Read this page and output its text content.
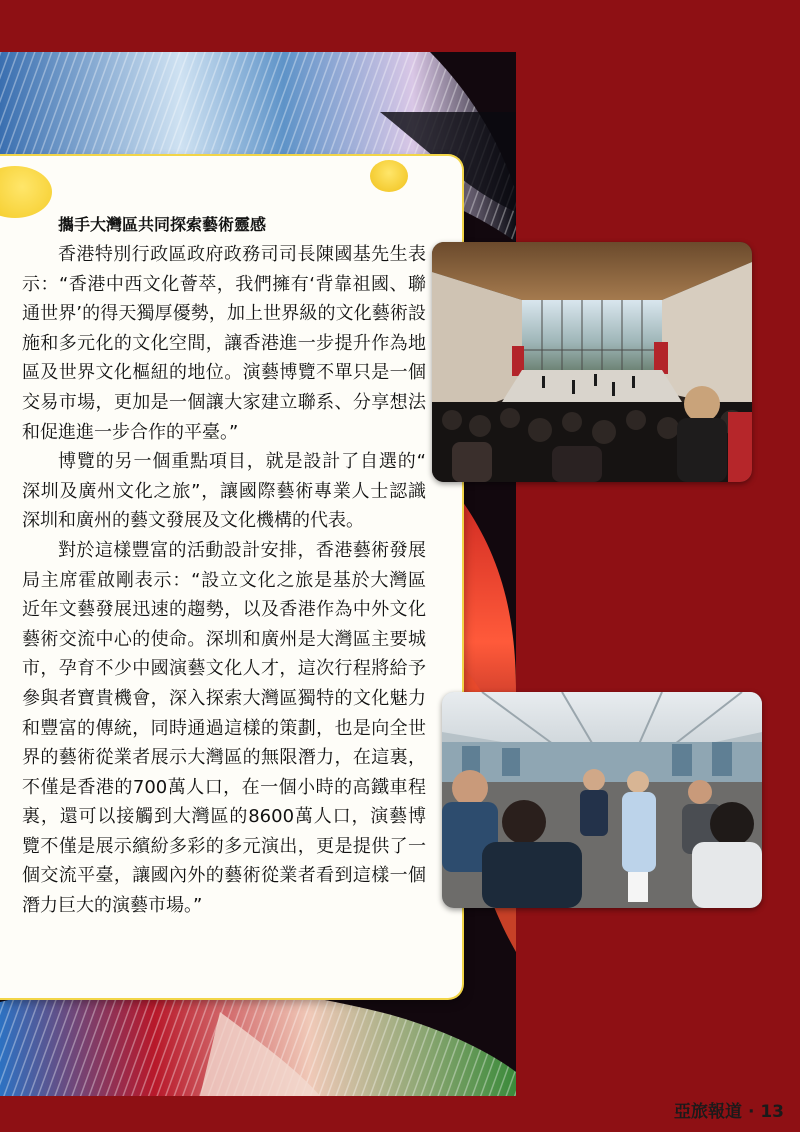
攜手大灣區共同探索藝術靈感

香港特別行政區政府政務司司長陳國基先生表示：“香港中西文化薈萃，我們擁有‘背靠祖國、聯通世界’的得天獨厚優勢，加上世界級的文化藝術設施和多元化的文化空間，讓香港進一步提升作為地區及世界文化樞紐的地位。演藝博覽不單只是一個交易市場，更加是一個讓大家建立聯系、分享想法和促進進一步合作的平臺。”

博覽的另一個重點項目，就是設計了自選的“深圳及廣州文化之旅”，讓國際藝術專業人士認識深圳和廣州的藝文發展及文化機構的代表。

對於這樣豐富的活動設計安排，香港藝術發展局主席霍啟剛表示：“設立文化之旅是基於大灣區近年文藝發展迅速的趨勢，以及香港作為中外文化藝術交流中心的使命。深圳和廣州是大灣區主要城市，孕育不少中國演藝文化人才，這次行程將給予參與者寶貴機會，深入探索大灣區獨特的文化魅力和豐富的傳統，同時通過這樣的策劃，也是向全世界的藝術從業者展示大灣區的無限潛力，在這裏，不僅是香港的700萬人口，在一個小時的高鐵車程裏，還可以接觸到大灣區的8600萬人口，演藝博覽不僅是展示繽紛多彩的多元演出，更是提供了一個交流平臺，讓國內外的藝術從業者看到這樣一個潛力巨大的演藝市場。”

亞旅報道 · 13
